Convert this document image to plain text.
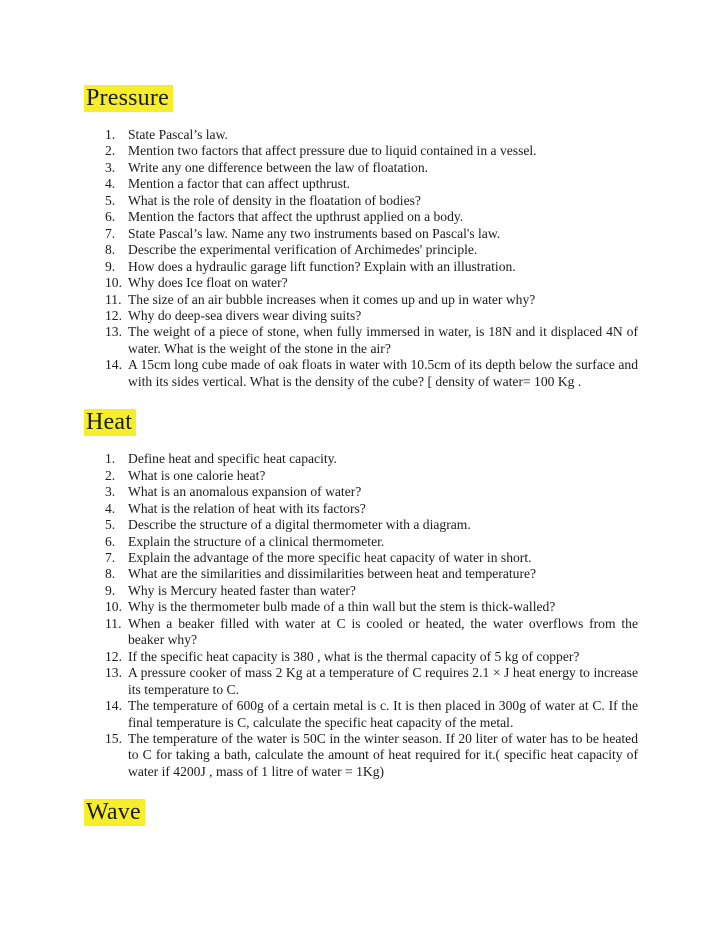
Pressure
1. State Pascal’s law.
2. Mention two factors that affect pressure due to liquid contained in a vessel.
3. Write any one difference between the law of floatation.
4. Mention a factor that can affect upthrust.
5. What is the role of density in the floatation of bodies?
6. Mention the factors that affect the upthrust applied on a body.
7. State Pascal’s law. Name any two instruments based on Pascal's law.
8. Describe the experimental verification of Archimedes' principle.
9. How does a hydraulic garage lift function? Explain with an illustration.
10. Why does Ice float on water?
11. The size of an air bubble increases when it comes up and up in water why?
12. Why do deep-sea divers wear diving suits?
13. The weight of a piece of stone, when fully immersed in water, is 18N and it displaced 4N of water. What is the weight of the stone in the air?
14. A 15cm long cube made of oak floats in water with 10.5cm of its depth below the surface and with its sides vertical. What is the density of the cube? [ density of water= 100 Kg .
Heat
1. Define heat and specific heat capacity.
2. What is one calorie heat?
3. What is an anomalous expansion of water?
4. What is the relation of heat with its factors?
5. Describe the structure of a digital thermometer with a diagram.
6. Explain the structure of a clinical thermometer.
7. Explain the advantage of the more specific heat capacity of water in short.
8. What are the similarities and dissimilarities between heat and temperature?
9. Why is Mercury heated faster than water?
10. Why is the thermometer bulb made of a thin wall but the stem is thick-walled?
11. When a beaker filled with water at C is cooled or heated, the water overflows from the beaker why?
12. If the specific heat capacity is 380 , what is the thermal capacity of 5 kg of copper?
13. A pressure cooker of mass 2 Kg at a temperature of C requires 2.1 × J heat energy to increase its temperature to C.
14. The temperature of 600g of a certain metal is c. It is then placed in 300g of water at C. If the final temperature is C, calculate the specific heat capacity of the metal.
15. The temperature of the water is 50C in the winter season. If 20 liter of water has to be heated to C for taking a bath, calculate the amount of heat required for it.( specific heat capacity of water if 4200J , mass of 1 litre of water = 1Kg)
Wave
